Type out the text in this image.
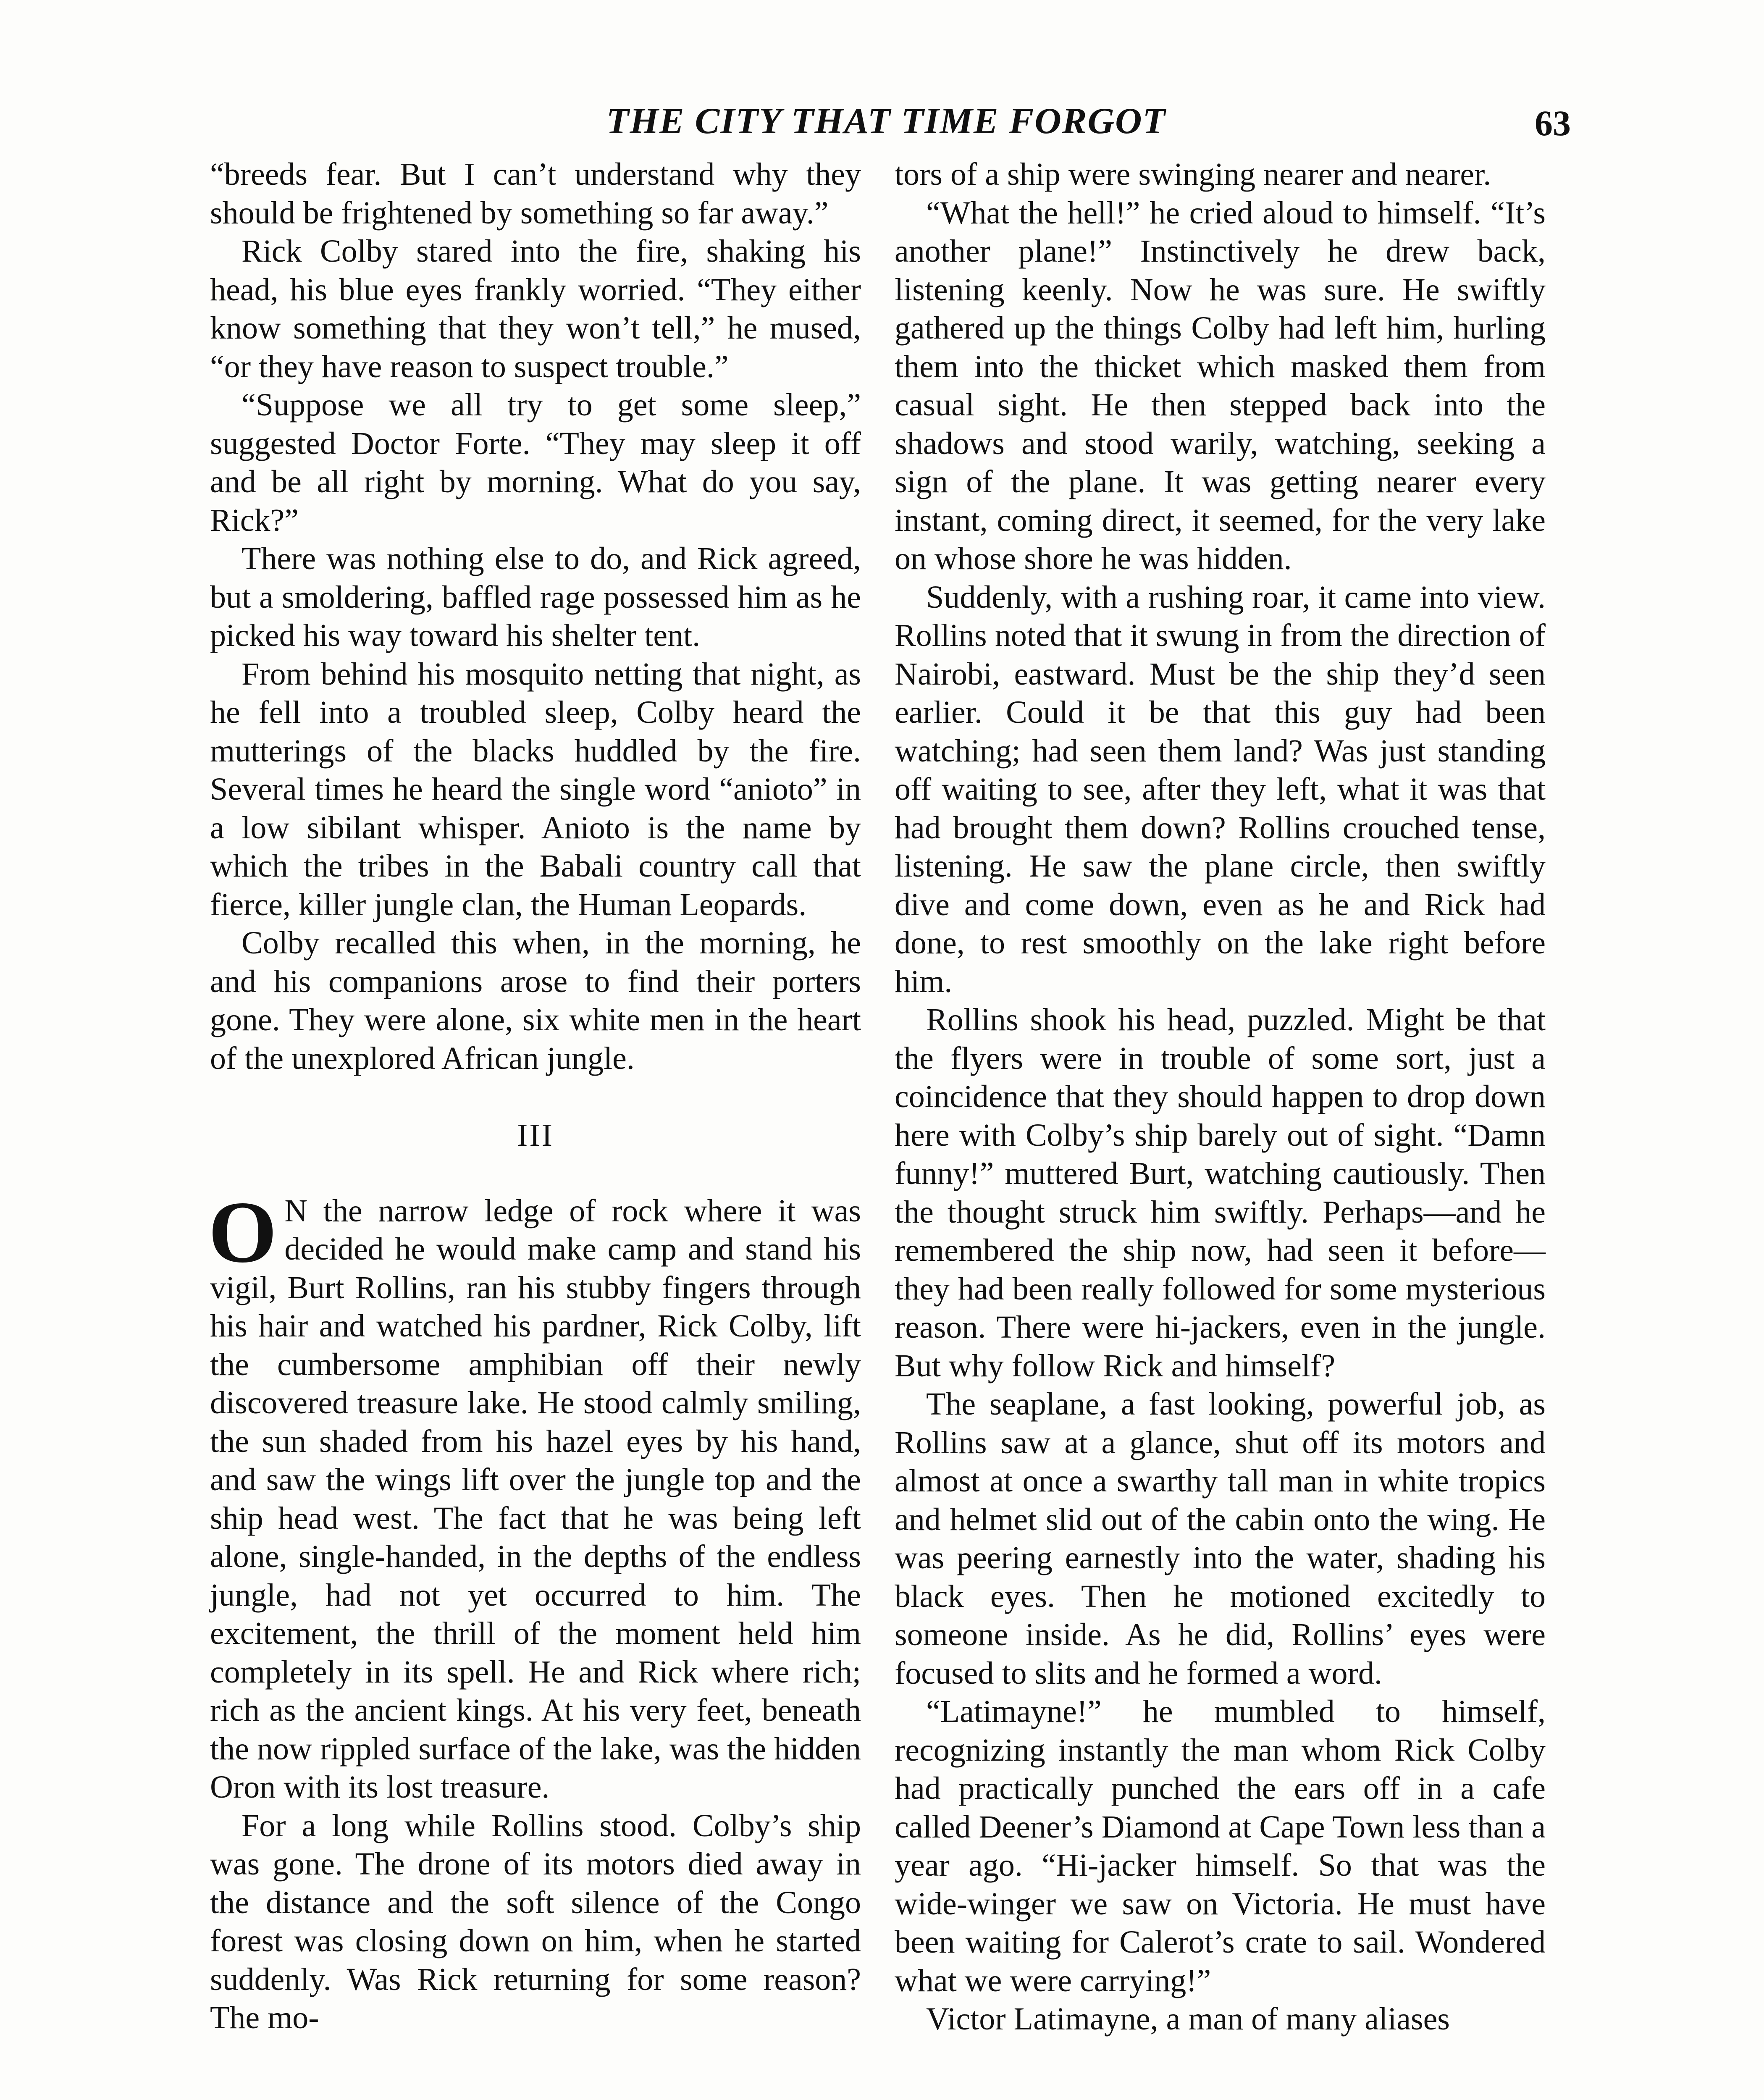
THE CITY THAT TIME FORGOT	63

“breeds fear. But I can’t understand why they should be frightened by something so far away.”

Rick Colby stared into the fire, shaking his head, his blue eyes frankly worried. “They either know something that they won’t tell,” he mused, “or they have reason to suspect trouble.”

“Suppose we all try to get some sleep,” suggested Doctor Forte. “They may sleep it off and be all right by morning. What do you say, Rick?”

There was nothing else to do, and Rick agreed, but a smoldering, baffled rage possessed him as he picked his way toward his shelter tent.

From behind his mosquito netting that night, as he fell into a troubled sleep, Colby heard the mutterings of the blacks huddled by the fire. Several times he heard the single word “anioto” in a low sibilant whisper. Anioto is the name by which the tribes in the Babali country call that fierce, killer jungle clan, the Human Leopards.

Colby recalled this when, in the morning, he and his companions arose to find their porters gone. They were alone, six white men in the heart of the unexplored African jungle.

III

O N the narrow ledge of rock where it was decided he would make camp and stand his vigil, Burt Rollins, ran his stubby fingers through his hair and watched his pardner, Rick Colby, lift the cumbersome amphibian off their newly discovered treasure lake. He stood calmly smiling, the sun shaded from his hazel eyes by his hand, and saw the wings lift over the jungle top and the ship head west. The fact that he was being left alone, single-handed, in the depths of the endless jungle, had not yet occurred to him. The excitement, the thrill of the moment held him completely in its spell. He and Rick where rich; rich as the ancient kings. At his very feet, beneath the now rippled surface of the lake, was the hidden Oron with its lost treasure.

For a long while Rollins stood. Colby’s ship was gone. The drone of its motors died away in the distance and the soft silence of the Congo forest was closing down on him, when he started suddenly. Was Rick returning for some reason? The mo-

tors of a ship were swinging nearer and nearer.

“What the hell!” he cried aloud to himself. “It’s another plane!” Instinctively he drew back, listening keenly. Now he was sure. He swiftly gathered up the things Colby had left him, hurling them into the thicket which masked them from casual sight. He then stepped back into the shadows and stood warily, watching, seeking a sign of the plane. It was getting nearer every instant, coming direct, it seemed, for the very lake on whose shore he was hidden.

Suddenly, with a rushing roar, it came into view. Rollins noted that it swung in from the direction of Nairobi, eastward. Must be the ship they’d seen earlier. Could it be that this guy had been watching; had seen them land? Was just standing off waiting to see, after they left, what it was that had brought them down? Rollins crouched tense, listening. He saw the plane circle, then swiftly dive and come down, even as he and Rick had done, to rest smoothly on the lake right before him.

Rollins shook his head, puzzled. Might be that the flyers were in trouble of some sort, just a coincidence that they should happen to drop down here with Colby’s ship barely out of sight. “Damn funny!” muttered Burt, watching cautiously. Then the thought struck him swiftly. Perhaps—and he remembered the ship now, had seen it before—they had been really followed for some mysterious reason. There were hi-jackers, even in the jungle. But why follow Rick and himself?

The seaplane, a fast looking, powerful job, as Rollins saw at a glance, shut off its motors and almost at once a swarthy tall man in white tropics and helmet slid out of the cabin onto the wing. He was peering earnestly into the water, shading his black eyes. Then he motioned excitedly to someone inside. As he did, Rollins’ eyes were focused to slits and he formed a word.

“Latimayne!” he mumbled to himself, recognizing instantly the man whom Rick Colby had practically punched the ears off in a cafe called Deener’s Diamond at Cape Town less than a year ago. “Hi-jacker himself. So that was the wide-winger we saw on Victoria. He must have been waiting for Calerot’s crate to sail. Wondered what we were carrying!”

Victor Latimayne, a man of many aliases
